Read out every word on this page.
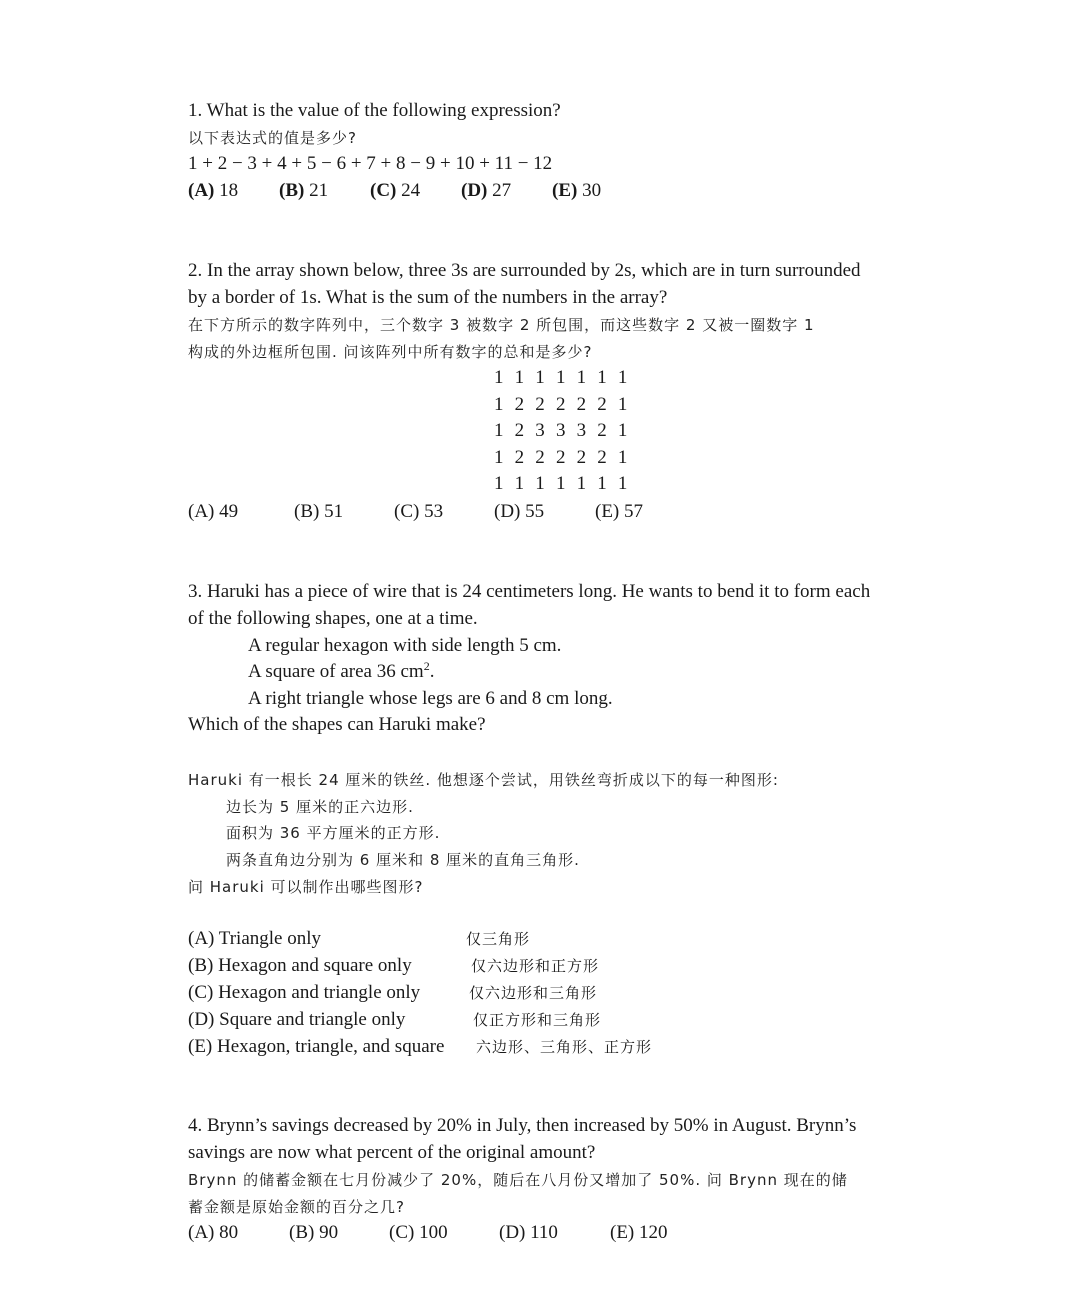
1. What is the value of the following expression?
以下表达式的值是多少?
1 + 2 − 3 + 4 + 5 − 6 + 7 + 8 − 9 + 10 + 11 − 12
(A) 18 (B) 21 (C) 24 (D) 27 (E) 30
2. In the array shown below, three 3s are surrounded by 2s, which are in turn surrounded
by a border of 1s. What is the sum of the numbers in the array?
在下方所示的数字阵列中，三个数字 3 被数字 2 所包围，而这些数字 2 又被一圈数字 1
构成的外边框所包围. 问该阵列中所有数字的总和是多少?
1 1 1 1 1 1 1
1 2 2 2 2 2 1
1 2 3 3 3 2 1
1 2 2 2 2 2 1
1 1 1 1 1 1 1
(A) 49	(B) 51	(C) 53	(D) 55	(E) 57
3. Haruki has a piece of wire that is 24 centimeters long. He wants to bend it to form each
of the following shapes, one at a time.
A regular hexagon with side length 5 cm.
A square of area 36 $cm^2$.
A right triangle whose legs are 6 and 8 cm long.
Which of the shapes can Haruki make?
Haruki 有一根长 24 厘米的铁丝. 他想逐个尝试，用铁丝弯折成以下的每一种图形:
边长为 5 厘米的正六边形.
面积为 36 平方厘米的正方形.
两条直角边分别为 6 厘米和 8 厘米的直角三角形.
问 Haruki 可以制作出哪些图形?
(A) Triangle only	仅三角形
(B) Hexagon and square only	仅六边形和正方形
(C) Hexagon and triangle only	仅六边形和三角形
(D) Square and triangle only	仅正方形和三角形
(E) Hexagon, triangle, and square 六边形、三角形、正方形
4. Brynn’s savings decreased by 20% in July, then increased by 50% in August. Brynn’s
savings are now what percent of the original amount?
Brynn 的储蓄金额在七月份减少了 20%，随后在八月份又增加了 50%. 问 Brynn 现在的储
蓄金额是原始金额的百分之几?
(A) 80	(B) 90	(C) 100	(D) 110	(E) 120
